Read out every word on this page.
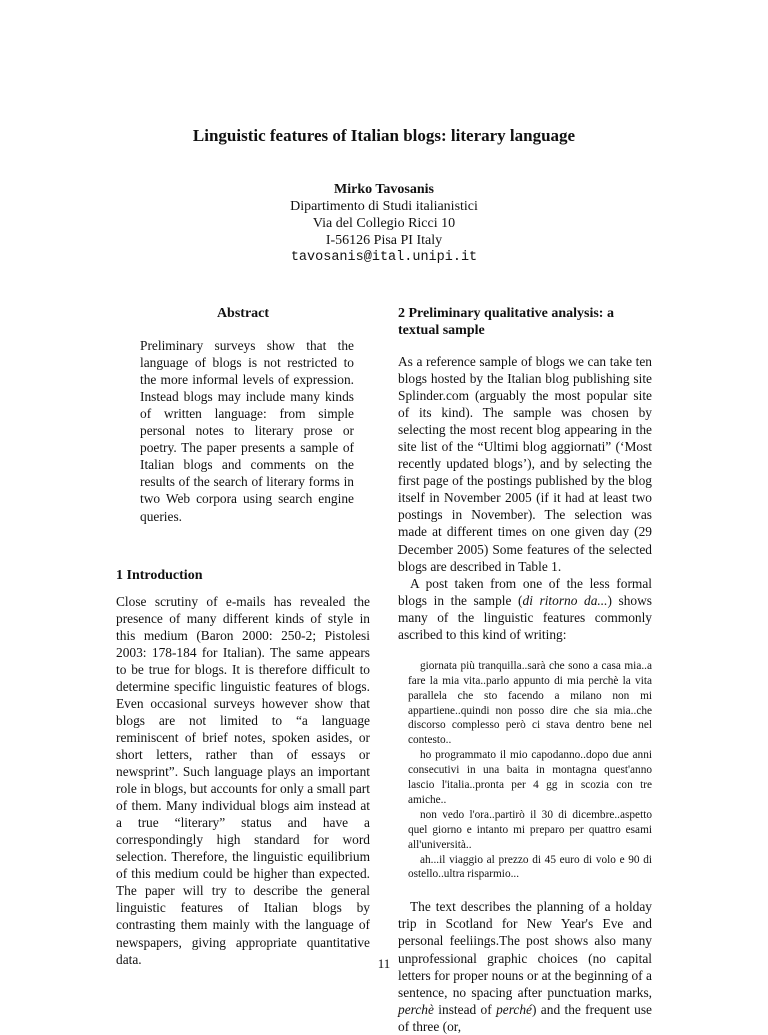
Linguistic features of Italian blogs: literary language
Mirko Tavosanis
Dipartimento di Studi italianistici
Via del Collegio Ricci 10
I-56126 Pisa PI Italy
tavosanis@ital.unipi.it
Abstract

Preliminary surveys show that the language of blogs is not restricted to the more informal levels of expression. Instead blogs may include many kinds of written language: from simple personal notes to literary prose or poetry. The paper presents a sample of Italian blogs and comments on the results of the search of literary forms in two Web corpora using search engine queries.

1 Introduction

Close scrutiny of e-mails has revealed the presence of many different kinds of style in this medium (Baron 2000: 250-2; Pistolesi 2003: 178-184 for Italian). The same appears to be true for blogs. It is therefore difficult to determine specific linguistic features of blogs. Even occasional surveys however show that blogs are not limited to “a language reminiscent of brief notes, spoken asides, or short letters, rather than of essays or newsprint”. Such language plays an important role in blogs, but accounts for only a small part of them. Many individual blogs aim instead at a true “literary” status and have a correspondingly high standard for word selection. Therefore, the linguistic equilibrium of this medium could be higher than expected. The paper will try to describe the general linguistic features of Italian blogs by contrasting them mainly with the language of newspapers, giving appropriate quantitative data.

2 Preliminary qualitative analysis: a textual sample

As a reference sample of blogs we can take ten blogs hosted by the Italian blog publishing site Splinder.com (arguably the most popular site of its kind). The sample was chosen by selecting the most recent blog appearing in the site list of the “Ultimi blog aggiornati” (‘Most recently updated blogs’), and by selecting the first page of the postings published by the blog itself in November 2005 (if it had at least two postings in November). The selection was made at different times on one given day (29 December 2005) Some features of the selected blogs are described in Table 1.

A post taken from one of the less formal blogs in the sample (di ritorno da...) shows many of the linguistic features commonly ascribed to this kind of writing:

giornata più tranquilla..sarà che sono a casa mia..a fare la mia vita..parlo appunto di mia perchè la vita parallela che sto facendo a milano non mi appartiene..quindi non posso dire che sia mia..che discorso complesso però ci stava dentro bene nel contesto..

ho programmato il mio capodanno..dopo due anni consecutivi in una baita in montagna quest'anno lascio l'italia..pronta per 4 gg in scozia con tre amiche..

non vedo l'ora..partirò il 30 di dicembre..aspetto quel giorno e intanto mi preparo per quattro esami all'università..

ah...il viaggio al prezzo di 45 euro di volo e 90 di ostello..ultra risparmio...

The text describes the planning of a holday trip in Scotland for New Year's Eve and personal feeliings.The post shows also many unprofessional graphic choices (no capital letters for proper nouns or at the beginning of a sentence, no spacing after punctuation marks, perchè instead of perché) and the frequent use of three (or,

11
